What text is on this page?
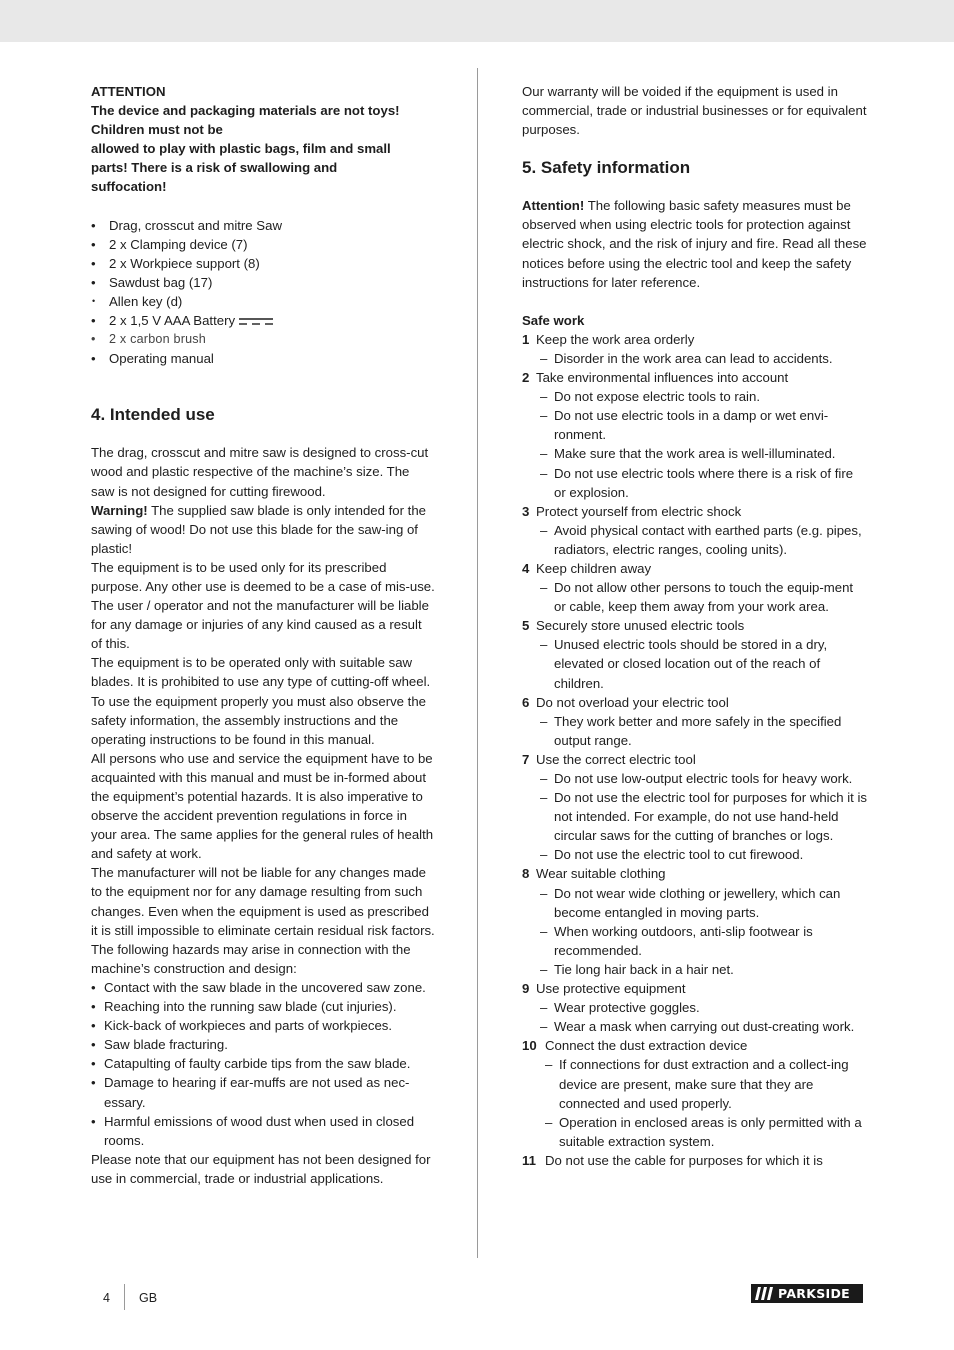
ATTENTION

The device and packaging materials are not toys!

Children must not be

allowed to play with plastic bags, film and small

parts! There is a risk of swallowing and

suffocation!

• Drag, crosscut and mitre Saw
• 2 x Clamping device (7)
• 2 x Workpiece support (8)
• Sawdust bag (17)
• Allen key (d)
• 2 x 1,5 V AAA Battery
• 2 x carbon brush
• Operating manual
4. Intended use

The drag, crosscut and mitre saw is designed to cross-cut wood and plastic respective of the machine’s size. The saw is not designed for cutting firewood.

Warning! The supplied saw blade is only intended for the sawing of wood! Do not use this blade for the saw-ing of plastic!

The equipment is to be used only for its prescribed purpose. Any other use is deemed to be a case of mis-use. The user / operator and not the manufacturer will be liable for any damage or injuries of any kind caused as a result of this.

The equipment is to be operated only with suitable saw blades. It is prohibited to use any type of cutting-off wheel.

To use the equipment properly you must also observe the safety information, the assembly instructions and the operating instructions to be found in this manual.

All persons who use and service the equipment have to be acquainted with this manual and must be in-formed about the equipment’s potential hazards. It is also imperative to observe the accident prevention regulations in force in your area. The same applies for the general rules of health and safety at work.

The manufacturer will not be liable for any changes made to the equipment nor for any damage resulting from such changes. Even when the equipment is used as prescribed it is still impossible to eliminate certain residual risk factors. The following hazards may arise in connection with the machine’s construction and design:

• Contact with the saw blade in the uncovered saw zone.
• Reaching into the running saw blade (cut injuries).
• Kick-back of workpieces and parts of workpieces.
• Saw blade fracturing.
• Catapulting of faulty carbide tips from the saw blade.
• Damage to hearing if ear-muffs are not used as nec-essary.
• Harmful emissions of wood dust when used in closed rooms.

Please note that our equipment has not been designed for use in commercial, trade or industrial applications.

Our warranty will be voided if the equipment is used in commercial, trade or industrial businesses or for equivalent purposes.

5. Safety information

Attention! The following basic safety measures must be observed when using electric tools for protection against electric shock, and the risk of injury and fire. Read all these notices before using the electric tool and keep the safety instructions for later reference.

Safe work

1 Keep the work area orderly
– Disorder in the work area can lead to accidents.
2 Take environmental influences into account
– Do not expose electric tools to rain.
– Do not use electric tools in a damp or wet envi-ronment.
– Make sure that the work area is well-illuminated.
– Do not use electric tools where there is a risk of fire or explosion.
3 Protect yourself from electric shock
– Avoid physical contact with earthed parts (e.g. pipes, radiators, electric ranges, cooling units).
4 Keep children away
– Do not allow other persons to touch the equip-ment or cable, keep them away from your work area.
5 Securely store unused electric tools
– Unused electric tools should be stored in a dry, elevated or closed location out of the reach of children.
6 Do not overload your electric tool
– They work better and more safely in the specified output range.
7 Use the correct electric tool
– Do not use low-output electric tools for heavy work.
– Do not use the electric tool for purposes for which it is not intended. For example, do not use hand-held circular saws for the cutting of branches or logs.
– Do not use the electric tool to cut firewood.
8 Wear suitable clothing
– Do not wear wide clothing or jewellery, which can become entangled in moving parts.
– When working outdoors, anti-slip footwear is recommended.
– Tie long hair back in a hair net.
9 Use protective equipment
– Wear protective goggles.
– Wear a mask when carrying out dust-creating work.
10 Connect the dust extraction device
– If connections for dust extraction and a collect-ing device are present, make sure that they are connected and used properly.
– Operation in enclosed areas is only permitted with a suitable extraction system.
11 Do not use the cable for purposes for which it is
4 GB	PARKSIDE
